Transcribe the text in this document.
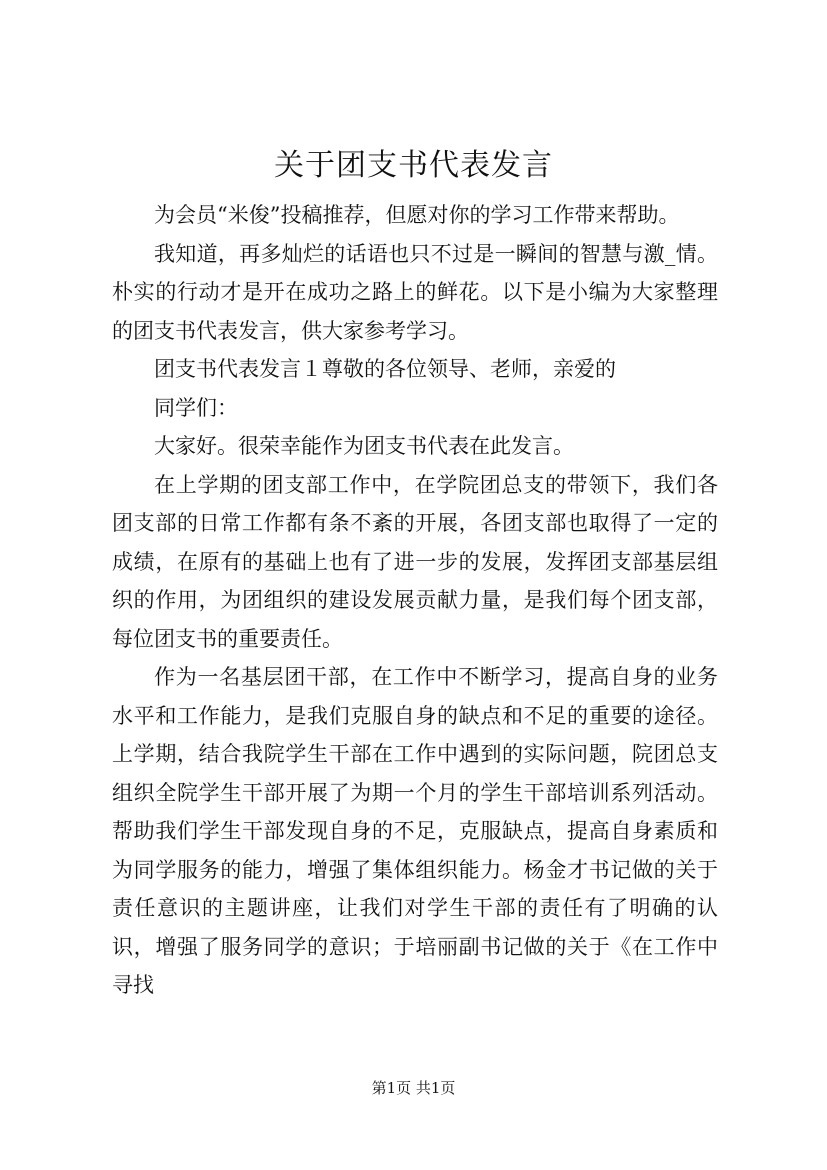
关于团支书代表发言

为会员“米俊”投稿推荐，但愿对你的学习工作带来帮助。

我知道，再多灿烂的话语也只不过是一瞬间的智慧与激_情。朴实的行动才是开在成功之路上的鲜花。以下是小编为大家整理的团支书代表发言，供大家参考学习。

团支书代表发言１尊敬的各位领导、老师，亲爱的

同学们：

大家好。很荣幸能作为团支书代表在此发言。

在上学期的团支部工作中，在学院团总支的带领下，我们各团支部的日常工作都有条不紊的开展，各团支部也取得了一定的成绩，在原有的基础上也有了进一步的发展，发挥团支部基层组织的作用，为团组织的建设发展贡献力量，是我们每个团支部，每位团支书的重要责任。

作为一名基层团干部，在工作中不断学习，提高自身的业务水平和工作能力，是我们克服自身的缺点和不足的重要的途径。上学期，结合我院学生干部在工作中遇到的实际问题，院团总支组织全院学生干部开展了为期一个月的学生干部培训系列活动。帮助我们学生干部发现自身的不足，克服缺点，提高自身素质和为同学服务的能力，增强了集体组织能力。杨金才书记做的关于责任意识的主题讲座，让我们对学生干部的责任有了明确的认识，增强了服务同学的意识；于培丽副书记做的关于《在工作中寻找

第1页 共1页
